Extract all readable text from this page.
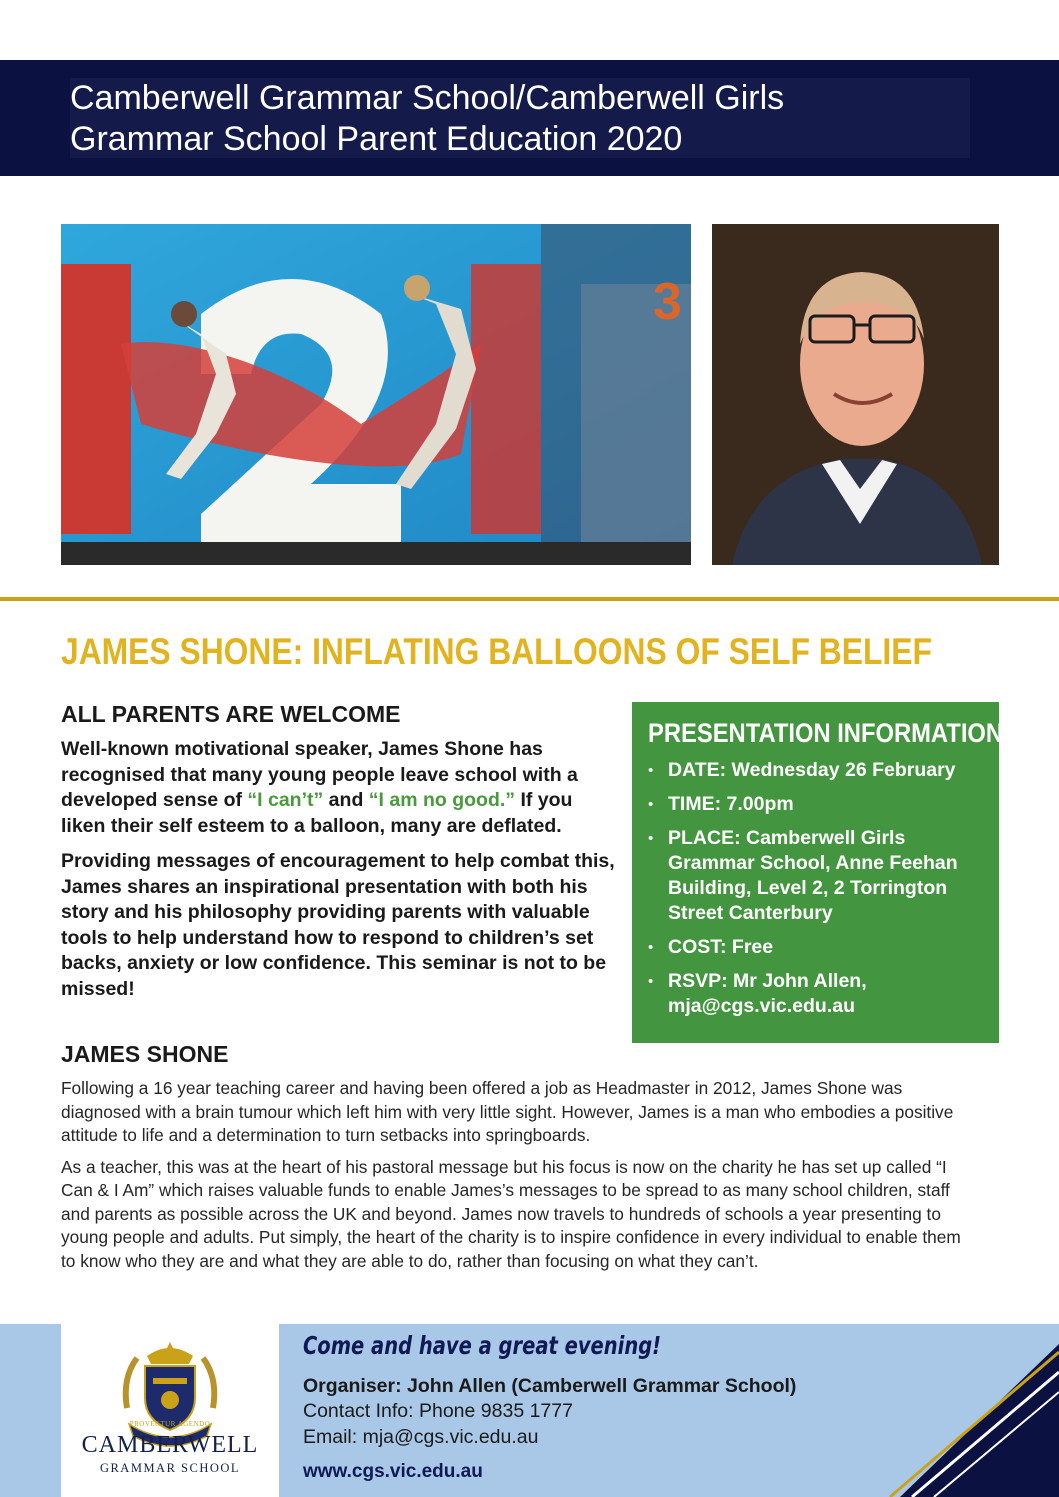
Camberwell Grammar School/Camberwell Girls
Grammar School Parent Education 2020
3
JAMES SHONE: INFLATING BALLOONS OF SELF BELIEF
ALL PARENTS ARE WELCOME

Well-known motivational speaker, James Shone has recognised that many young people leave school with a developed sense of “I can’t” and “I am no good.” If you liken their self esteem to a balloon, many are deflated.

Providing messages of encouragement to help combat this, James shares an inspirational presentation with both his story and his philosophy providing parents with valuable tools to help understand how to respond to children’s set backs, anxiety or low confidence. This seminar is not to be missed!

PRESENTATION INFORMATION
• DATE: Wednesday 26 February
• TIME: 7.00pm
• PLACE: Camberwell Girls Grammar School, Anne Feehan Building, Level 2, 2 Torrington Street Canterbury
• COST: Free
• RSVP: Mr John Allen, mja@cgs.vic.edu.au
JAMES SHONE

Following a 16 year teaching career and having been offered a job as Headmaster in 2012, James Shone was diagnosed with a brain tumour which left him with very little sight. However, James is a man who embodies a positive attitude to life and a determination to turn setbacks into springboards.

As a teacher, this was at the heart of his pastoral message but his focus is now on the charity he has set up called “I Can & I Am” which raises valuable funds to enable James’s messages to be spread to as many school children, staff and parents as possible across the UK and beyond. James now travels to hundreds of schools a year presenting to young people and adults. Put simply, the heart of the charity is to inspire confidence in every individual to enable them to know who they are and what they are able to do, rather than focusing on what they can’t.

PROVECTUR AGENDO
CAMBERWELL
GRAMMAR SCHOOL
Come and have a great evening!
Organiser: John Allen (Camberwell Grammar School)
Contact Info: Phone 9835 1777
Email: mja@cgs.vic.edu.au
www.cgs.vic.edu.au
